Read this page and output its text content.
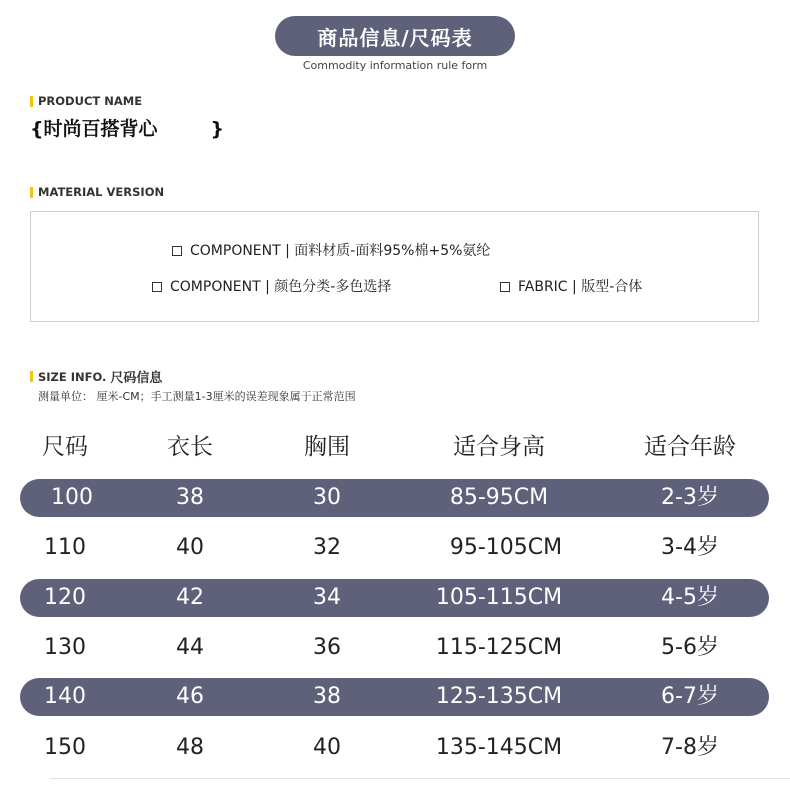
商品信息/尺码表
Commodity information rule form
PRODUCT NAME
{时尚百搭背心        }
MATERIAL VERSION
COMPONENT | 面料材质-面料95%棉+5%氨纶
COMPONENT | 颜色分类-多色选择	FABRIC | 版型-合体
SIZE INFO. 尺码信息
测量单位： 厘米-CM；手工测量1-3厘米的误差现象属于正常范围
尺码	衣长	胸围	适合身高	适合年龄
100	38	30	85-95CM	2-3岁
110	40	32	95-105CM	3-4岁
120	42	34	105-115CM	4-5岁
130	44	36	115-125CM	5-6岁
140	46	38	125-135CM	6-7岁
150	48	40	135-145CM	7-8岁
